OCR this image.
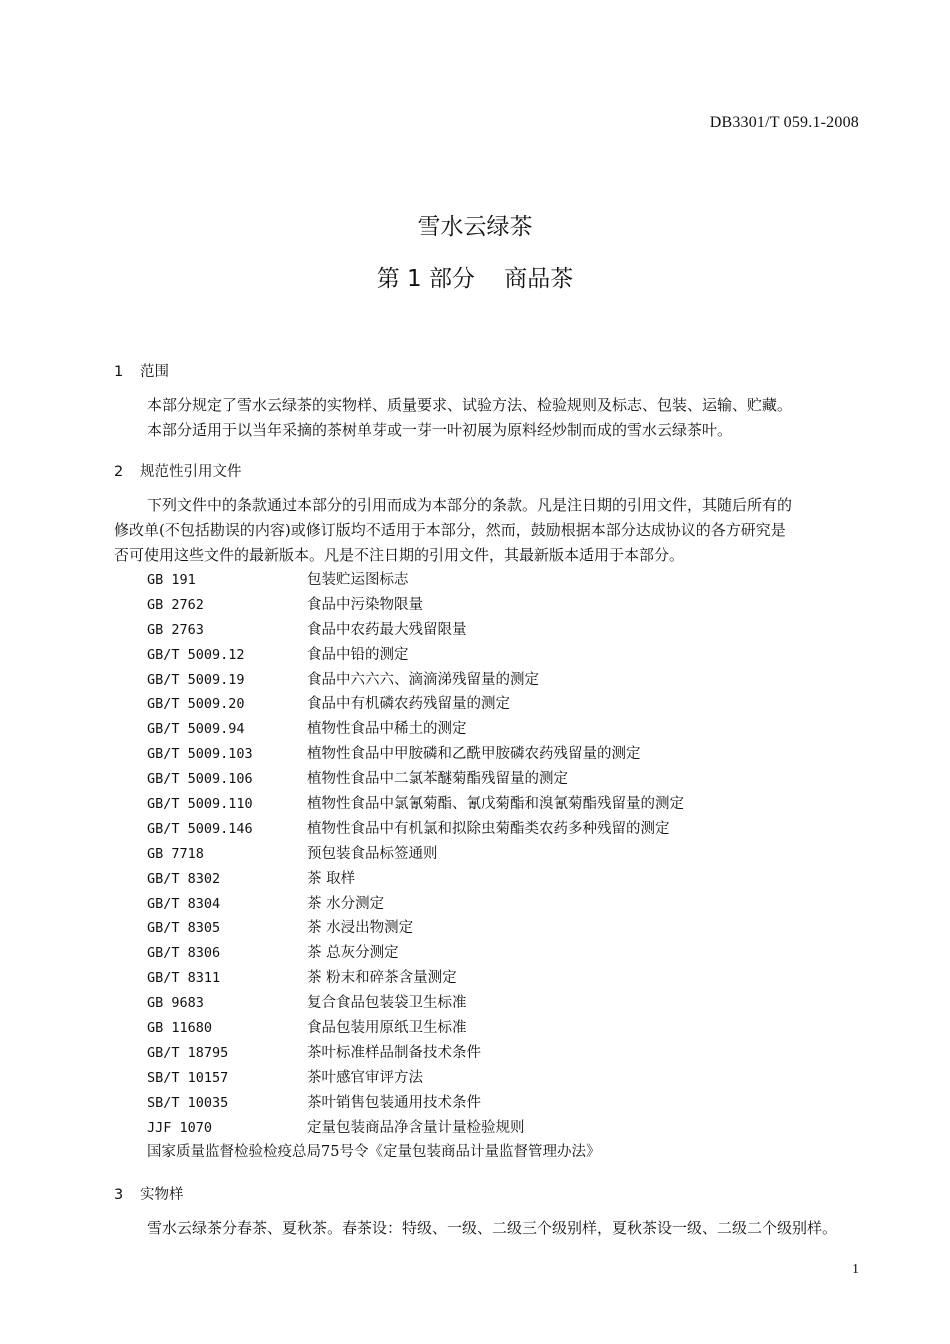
DB3301/T 059.1-2008
雪水云绿茶
第 1 部分    商品茶
1 范围
本部分规定了雪水云绿茶的实物样、质量要求、试验方法、检验规则及标志、包装、运输、贮藏。
本部分适用于以当年采摘的茶树单芽或一芽一叶初展为原料经炒制而成的雪水云绿茶叶。
2 规范性引用文件
下列文件中的条款通过本部分的引用而成为本部分的条款。凡是注日期的引用文件，其随后所有的
修改单(不包括勘误的内容)或修订版均不适用于本部分，然而，鼓励根据本部分达成协议的各方研究是
否可使用这些文件的最新版本。凡是不注日期的引用文件，其最新版本适用于本部分。
GB 191	包装贮运图标志
GB 2762	食品中污染物限量
GB 2763	食品中农药最大残留限量
GB/T 5009.12	食品中铅的测定
GB/T 5009.19	食品中六六六、滴滴涕残留量的测定
GB/T 5009.20	食品中有机磷农药残留量的测定
GB/T 5009.94	植物性食品中稀土的测定
GB/T 5009.103	植物性食品中甲胺磷和乙酰甲胺磷农药残留量的测定
GB/T 5009.106	植物性食品中二氯苯醚菊酯残留量的测定
GB/T 5009.110	植物性食品中氯氰菊酯、氰戊菊酯和溴氰菊酯残留量的测定
GB/T 5009.146	植物性食品中有机氯和拟除虫菊酯类农药多种残留的测定
GB 7718	预包装食品标签通则
GB/T 8302	茶 取样
GB/T 8304	茶 水分测定
GB/T 8305	茶 水浸出物测定
GB/T 8306	茶 总灰分测定
GB/T 8311	茶 粉末和碎茶含量测定
GB 9683	复合食品包装袋卫生标准
GB 11680	食品包装用原纸卫生标准
GB/T 18795	茶叶标准样品制备技术条件
SB/T 10157	茶叶感官审评方法
SB/T 10035	茶叶销售包装通用技术条件
JJF 1070	定量包装商品净含量计量检验规则
国家质量监督检验检疫总局75号令《定量包装商品计量监督管理办法》
3 实物样
雪水云绿茶分春茶、夏秋茶。春茶设：特级、一级、二级三个级别样，夏秋茶设一级、二级二个级别样。
1
